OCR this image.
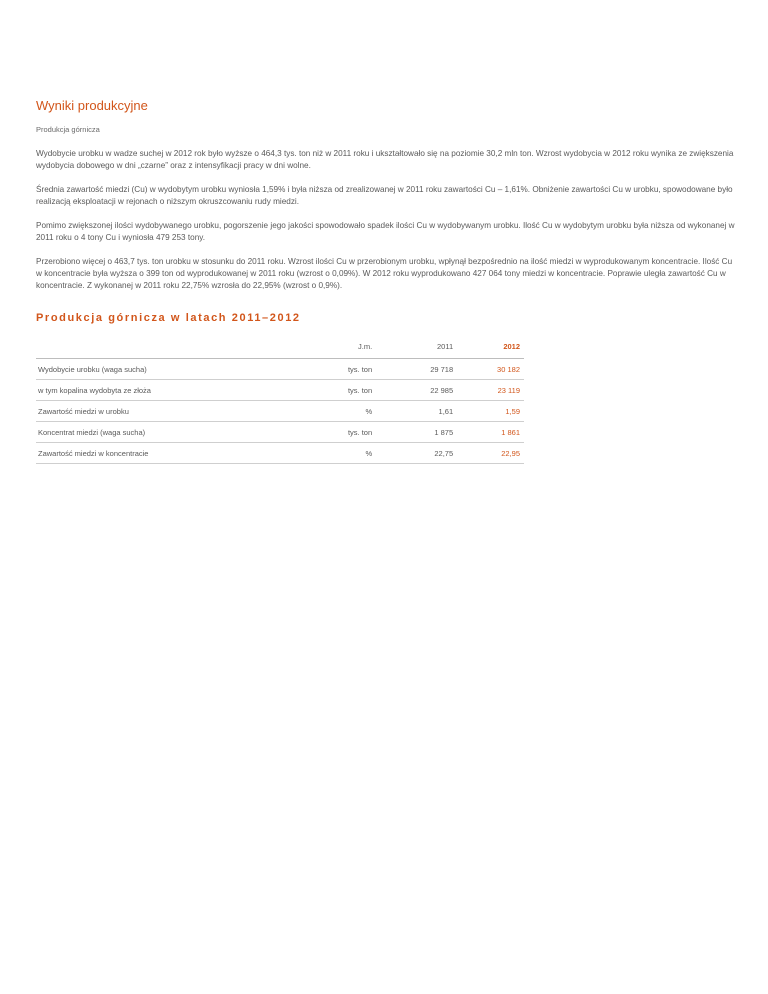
Wyniki produkcyjne
Produkcja górnicza

Wydobycie urobku w wadze suchej w 2012 rok było wyższe o 464,3 tys. ton niż w 2011 roku i ukształtowało się na poziomie 30,2 mln ton. Wzrost wydobycia w 2012 roku wynika ze zwiększenia wydobycia dobowego w dni „czarne” oraz z intensyfikacji pracy w dni wolne.

Średnia zawartość miedzi (Cu) w wydobytym urobku wyniosła 1,59% i była niższa od zrealizowanej w 2011 roku zawartości Cu – 1,61%. Obniżenie zawartości Cu w urobku, spowodowane było realizacją eksploatacji w rejonach o niższym okruszcowaniu rudy miedzi.

Pomimo zwiększonej ilości wydobywanego urobku, pogorszenie jego jakości spowodowało spadek ilości Cu w wydobywanym urobku. Ilość Cu w wydobytym urobku była niższa od wykonanej w 2011 roku o 4 tony Cu i wyniosła 479 253 tony.

Przerobiono więcej o 463,7 tys. ton urobku w stosunku do 2011 roku. Wzrost ilości Cu w przerobionym urobku, wpłynął bezpośrednio na ilość miedzi w wyprodukowanym koncentracie. Ilość Cu w koncentracie była wyższa o 399 ton od wyprodukowanej w 2011 roku (wzrost o 0,09%). W 2012 roku wyprodukowano 427 064 tony miedzi w koncentracie. Poprawie uległa zawartość Cu w koncentracie. Z wykonanej w 2011 roku 22,75% wzrosła do 22,95% (wzrost o 0,9%).

Produkcja górnicza w latach 2011–2012
	J.m.	2011	2012
Wydobycie urobku (waga sucha)	tys. ton	29 718	30 182
w tym kopalina wydobyta ze złoża	tys. ton	22 985	23 119
Zawartość miedzi w urobku	%	1,61	1,59
Koncentrat miedzi (waga sucha)	tys. ton	1 875	1 861
Zawartość miedzi w koncentracie	%	22,75	22,95
